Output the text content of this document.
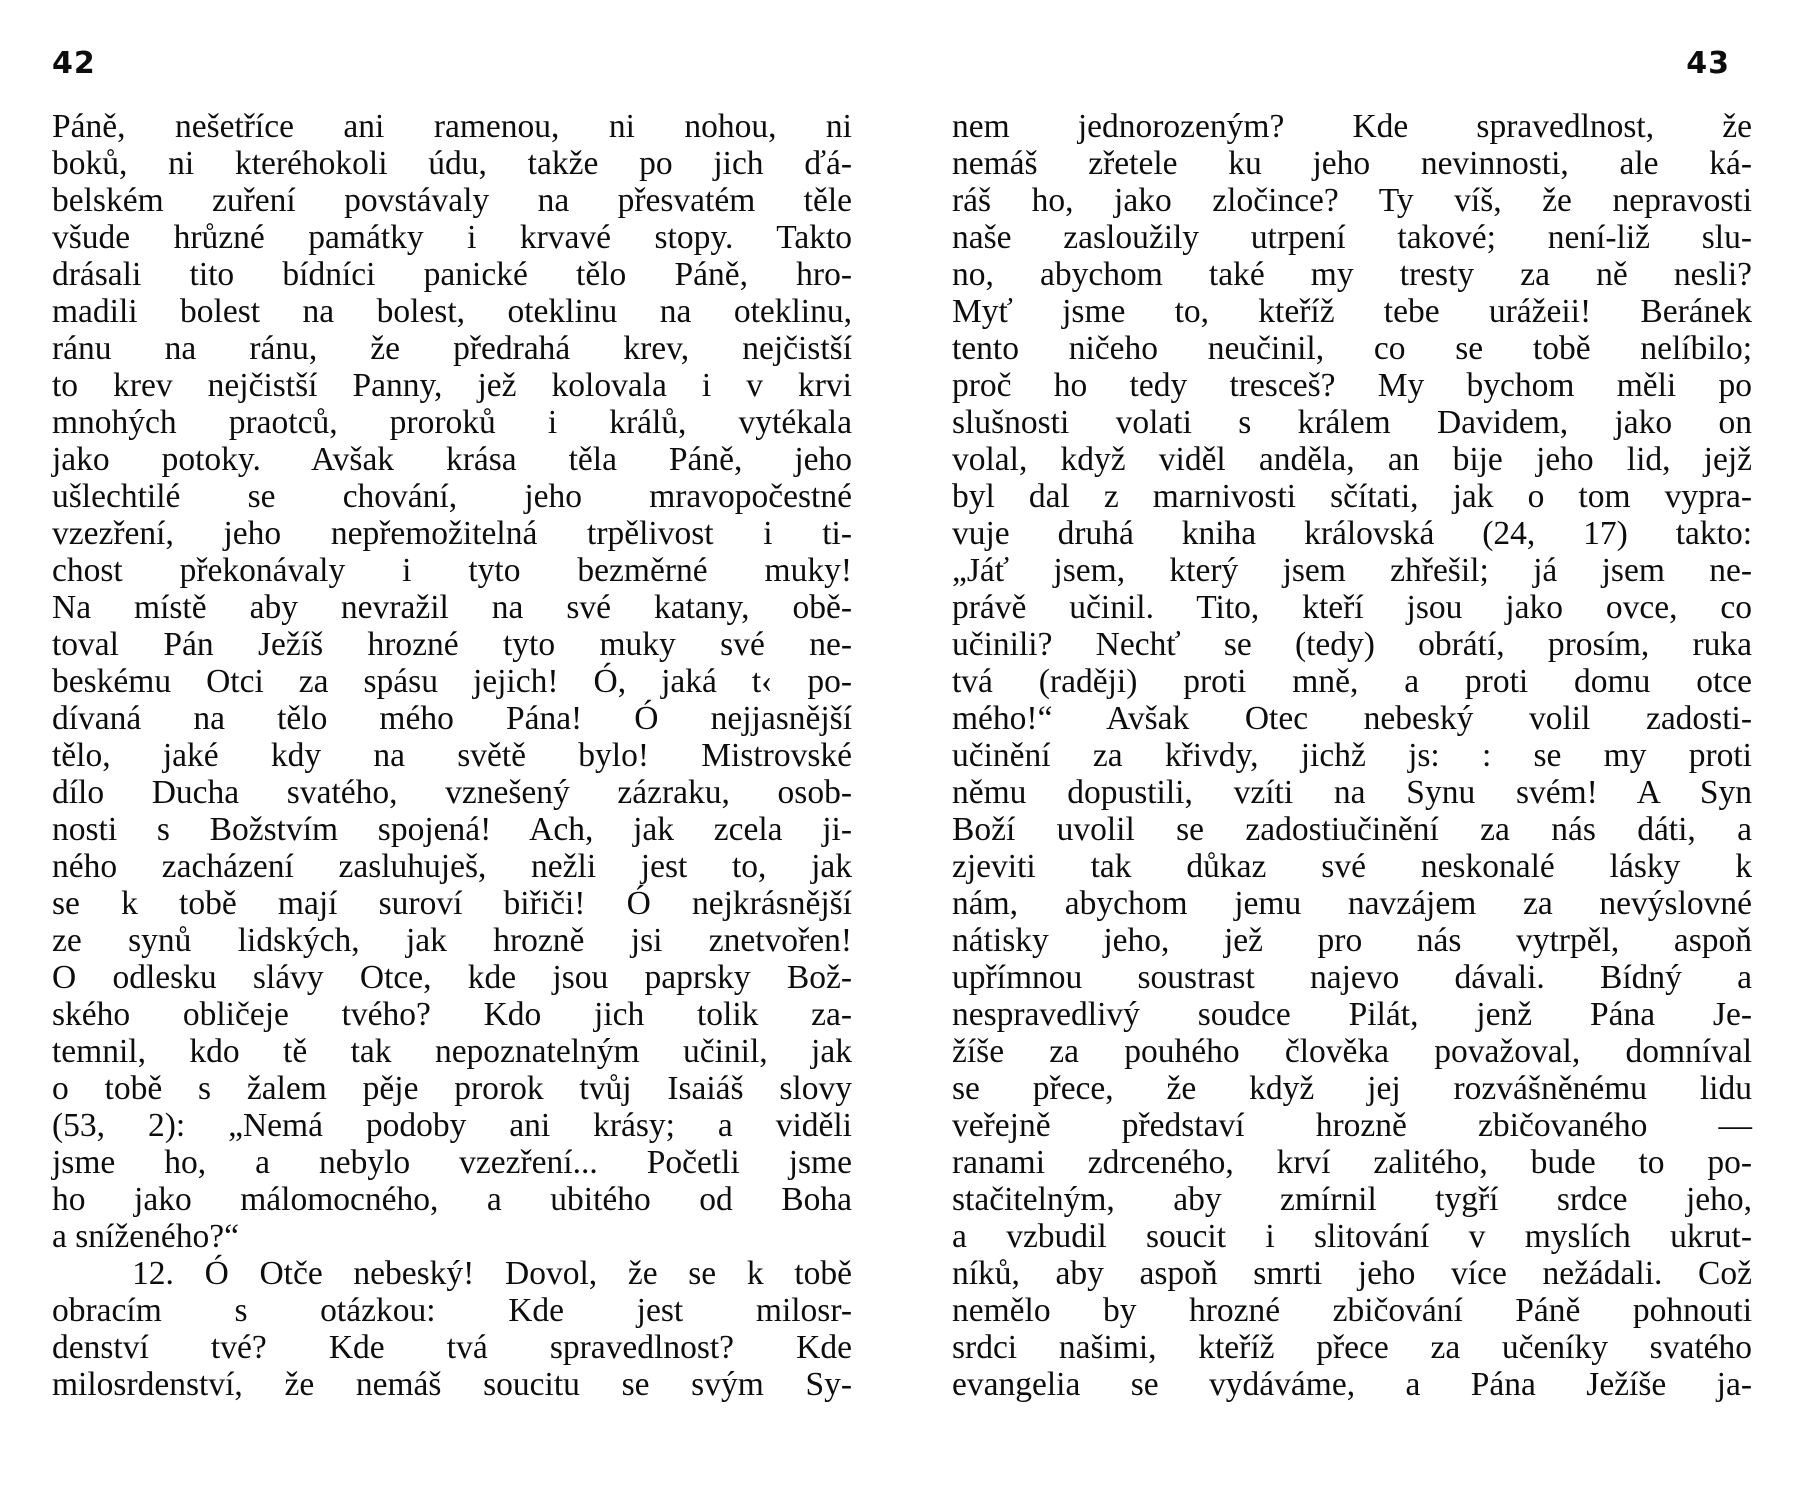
42
Páně, nešetříce ani ramenou, ni nohou, ni
boků, ni kteréhokoli údu, takže po jich ďá-
belském zuření povstávaly na přesvatém těle
všude hrůzné památky i krvavé stopy. Takto
drásali tito bídníci panické tělo Páně, hro-
madili bolest na bolest, oteklinu na oteklinu,
ránu na ránu, že předrahá krev, nejčistší
to krev nejčistší Panny, jež kolovala i v krvi
mnohých praotců, proroků i králů, vytékala
jako potoky. Avšak krása těla Páně, jeho
ušlechtilé se chování, jeho mravopočestné
vzezření, jeho nepřemožitelná trpělivost i ti-
chost překonávaly i tyto bezměrné muky!
Na místě aby nevražil na své katany, obě-
toval Pán Ježíš hrozné tyto muky své ne-
beskému Otci za spásu jejich! Ó, jaká t‹ po-
dívaná na tělo mého Pána! Ó nejjasnější
tělo, jaké kdy na světě bylo! Mistrovské
dílo Ducha svatého, vznešený zázraku, osob-
nosti s Božstvím spojená! Ach, jak zcela ji-
ného zacházení zasluhuješ, nežli jest to, jak
se k tobě mají suroví biřiči! Ó nejkrásnější
ze synů lidských, jak hrozně jsi znetvořen!
O odlesku slávy Otce, kde jsou paprsky Bož-
ského obličeje tvého? Kdo jich tolik za-
temnil, kdo tě tak nepoznatelným učinil, jak
o tobě s žalem pěje prorok tvůj Isaiáš slovy
(53, 2): „Nemá podoby ani krásy; a viděli
jsme ho, a nebylo vzezření... Početli jsme
ho jako málomocného, a ubitého od Boha
a sníženého?“
12. Ó Otče nebeský! Dovol, že se k tobě
obracím s otázkou: Kde jest milosr-
denství tvé? Kde tvá spravedlnost? Kde
milosrdenství, že nemáš soucitu se svým Sy-
43
nem jednorozeným? Kde spravedlnost, že
nemáš zřetele ku jeho nevinnosti, ale ká-
ráš ho, jako zločince? Ty víš, že nepravosti
naše zasloužily utrpení takové; není-liž slu-
no, abychom také my tresty za ně nesli?
Myť jsme to, kteříž tebe urážeii! Beránek
tento ničeho neučinil, co se tobě nelíbilo;
proč ho tedy tresceš? My bychom měli po
slušnosti volati s králem Davidem, jako on
volal, když viděl anděla, an bije jeho lid, jejž
byl dal z marnivosti sčítati, jak o tom vypra-
vuje druhá kniha královská (24, 17) takto:
„Jáť jsem, který jsem zhřešil; já jsem ne-
právě učinil. Tito, kteří jsou jako ovce, co
učinili? Nechť se (tedy) obrátí, prosím, ruka
tvá (raději) proti mně, a proti domu otce
mého!“ Avšak Otec nebeský volil zadosti-
učinění za křivdy, jichž js: : se my proti
němu dopustili, vzíti na Synu svém! A Syn
Boží uvolil se zadostiučinění za nás dáti, a
zjeviti tak důkaz své neskonalé lásky k
nám, abychom jemu navzájem za nevýslovné
nátisky jeho, jež pro nás vytrpěl, aspoň
upřímnou soustrast najevo dávali. Bídný a
nespravedlivý soudce Pilát, jenž Pána Je-
žíše za pouhého člověka považoval, domníval
se přece, že když jej rozvášněnému lidu
veřejně představí hrozně zbičovaného —
ranami zdrceného, krví zalitého, bude to po-
stačitelným, aby zmírnil tygří srdce jeho,
a vzbudil soucit i slitování v myslích ukrut-
níků, aby aspoň smrti jeho více nežádali. Což
nemělo by hrozné zbičování Páně pohnouti
srdci našimi, kteříž přece za učeníky svatého
evangelia se vydáváme, a Pána Ježíše ja-
